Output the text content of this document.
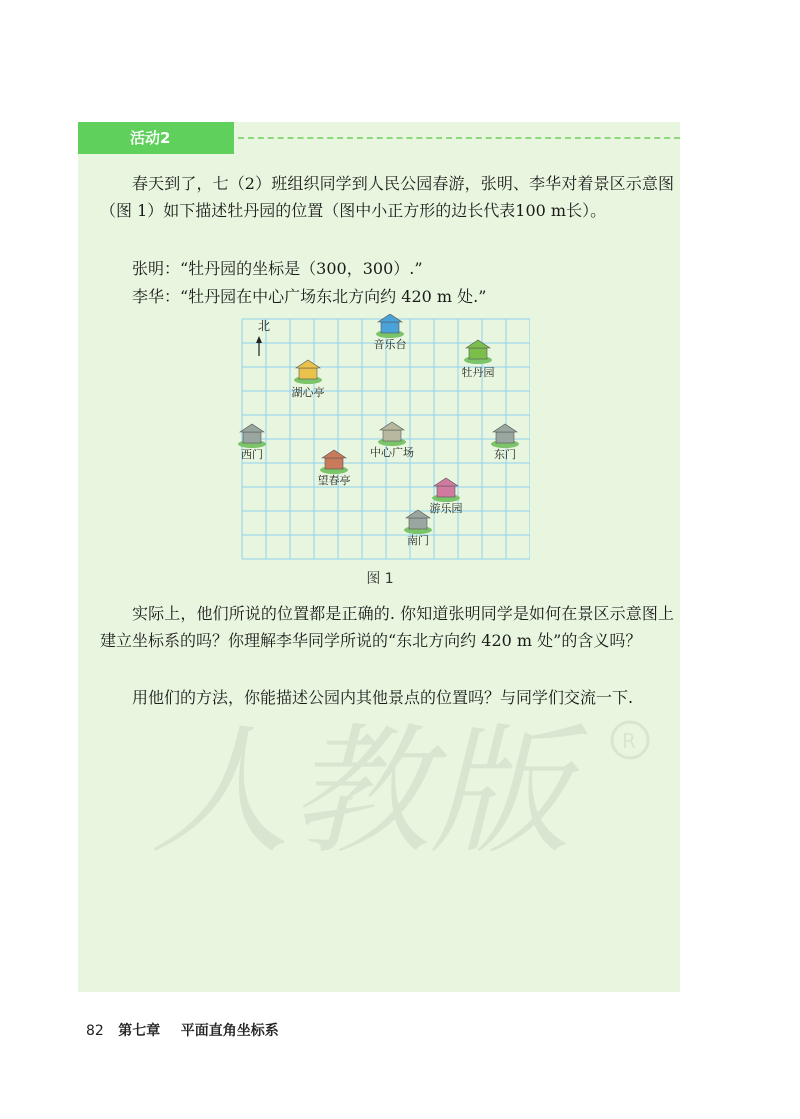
活动2

春天到了，七（2）班组织同学到人民公园春游，张明、李华对着景区示意图（图 1）如下描述牡丹园的位置（图中小正方形的边长代表100 m长）。

张明：“牡丹园的坐标是（300，300）.”

李华：“牡丹园在中心广场东北方向约 420 m 处.”

北
音乐台
牡丹园
湖心亭
西门	中心广场	东门
望春亭
游乐园
南门
图 1

实际上，他们所说的位置都是正确的. 你知道张明同学是如何在景区示意图上建立坐标系的吗？你理解李华同学所说的“东北方向约 420 m 处”的含义吗？

用他们的方法，你能描述公园内其他景点的位置吗？与同学们交流一下.

人教版	R
82 第七章 平面直角坐标系
